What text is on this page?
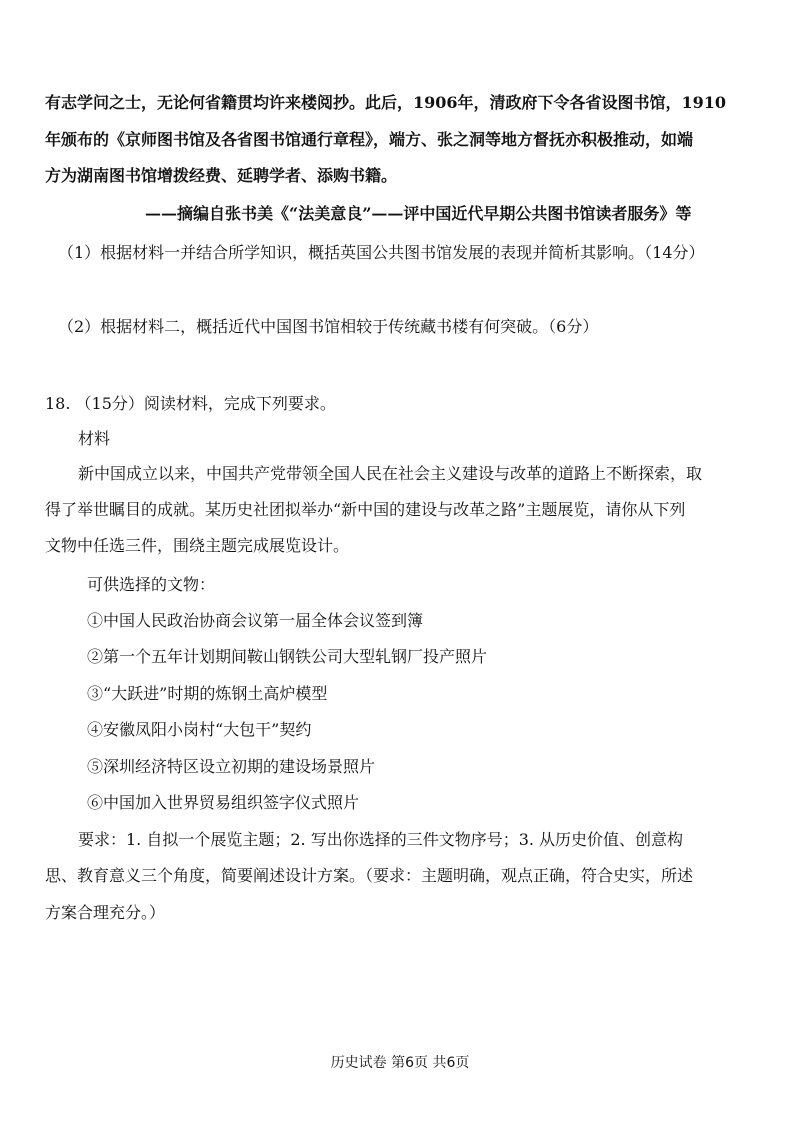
有志学问之士，无论何省籍贯均许来楼阅抄。此后，1906年，清政府下令各省设图书馆，1910
年颁布的《京师图书馆及各省图书馆通行章程》，端方、张之洞等地方督抚亦积极推动，如端
方为湖南图书馆增拨经费、延聘学者、添购书籍。
——摘编自张书美《“法美意良”——评中国近代早期公共图书馆读者服务》等
（1）根据材料一并结合所学知识，概括英国公共图书馆发展的表现并简析其影响。（14分）
（2）根据材料二，概括近代中国图书馆相较于传统藏书楼有何突破。（6分）
18. （15分）阅读材料，完成下列要求。
材料
新中国成立以来，中国共产党带领全国人民在社会主义建设与改革的道路上不断探索，取
得了举世瞩目的成就。某历史社团拟举办“新中国的建设与改革之路”主题展览，请你从下列
文物中任选三件，围绕主题完成展览设计。
可供选择的文物：
①中国人民政治协商会议第一届全体会议签到簿
②第一个五年计划期间鞍山钢铁公司大型轧钢厂投产照片
③“大跃进”时期的炼钢土高炉模型
④安徽凤阳小岗村“大包干”契约
⑤深圳经济特区设立初期的建设场景照片
⑥中国加入世界贸易组织签字仪式照片
要求：1. 自拟一个展览主题；2. 写出你选择的三件文物序号；3. 从历史价值、创意构
思、教育意义三个角度，简要阐述设计方案。（要求：主题明确，观点正确，符合史实，所述
方案合理充分。）
历史试卷 第6页 共6页
